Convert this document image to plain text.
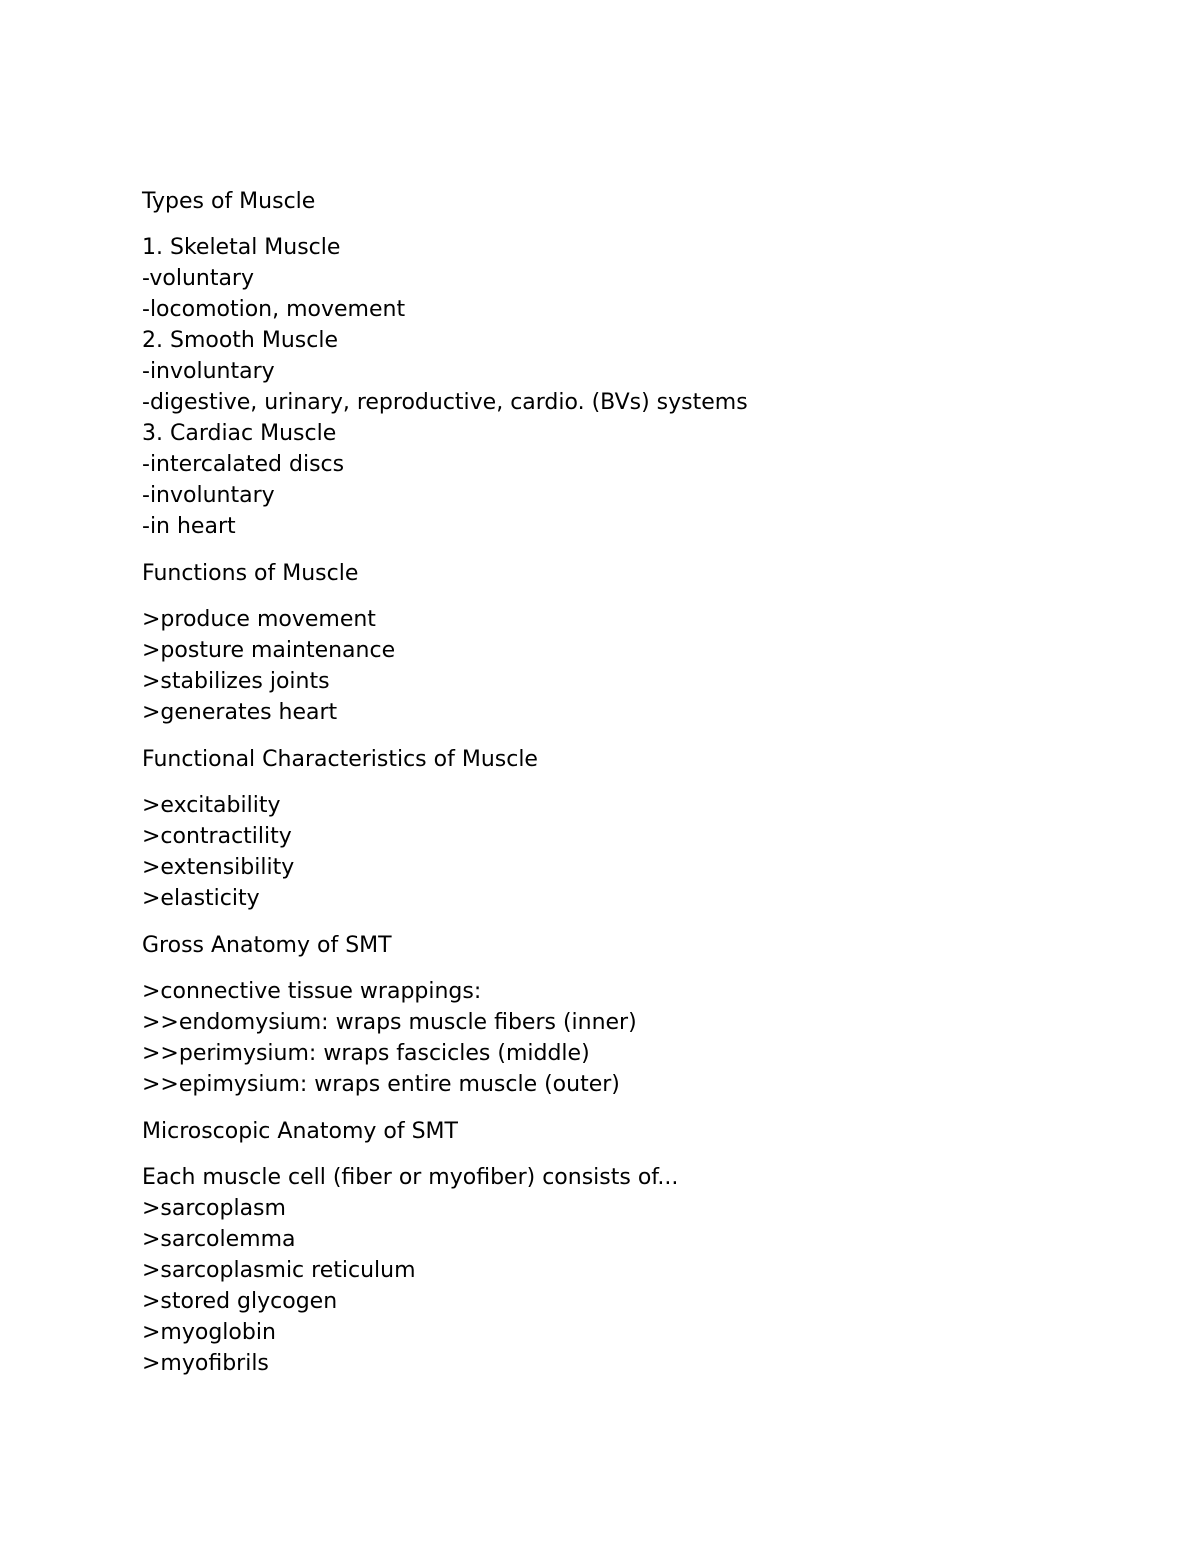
Types of Muscle
1. Skeletal Muscle
-voluntary
-locomotion, movement
2. Smooth Muscle
-involuntary
-digestive, urinary, reproductive, cardio. (BVs) systems
3. Cardiac Muscle
-intercalated discs
-involuntary
-in heart
Functions of Muscle
>produce movement
>posture maintenance
>stabilizes joints
>generates heart
Functional Characteristics of Muscle
>excitability
>contractility
>extensibility
>elasticity
Gross Anatomy of SMT
>connective tissue wrappings:
>>endomysium: wraps muscle fibers (inner)
>>perimysium: wraps fascicles (middle)
>>epimysium: wraps entire muscle (outer)
Microscopic Anatomy of SMT
Each muscle cell (fiber or myofiber) consists of...
>sarcoplasm
>sarcolemma
>sarcoplasmic reticulum
>stored glycogen
>myoglobin
>myofibrils
